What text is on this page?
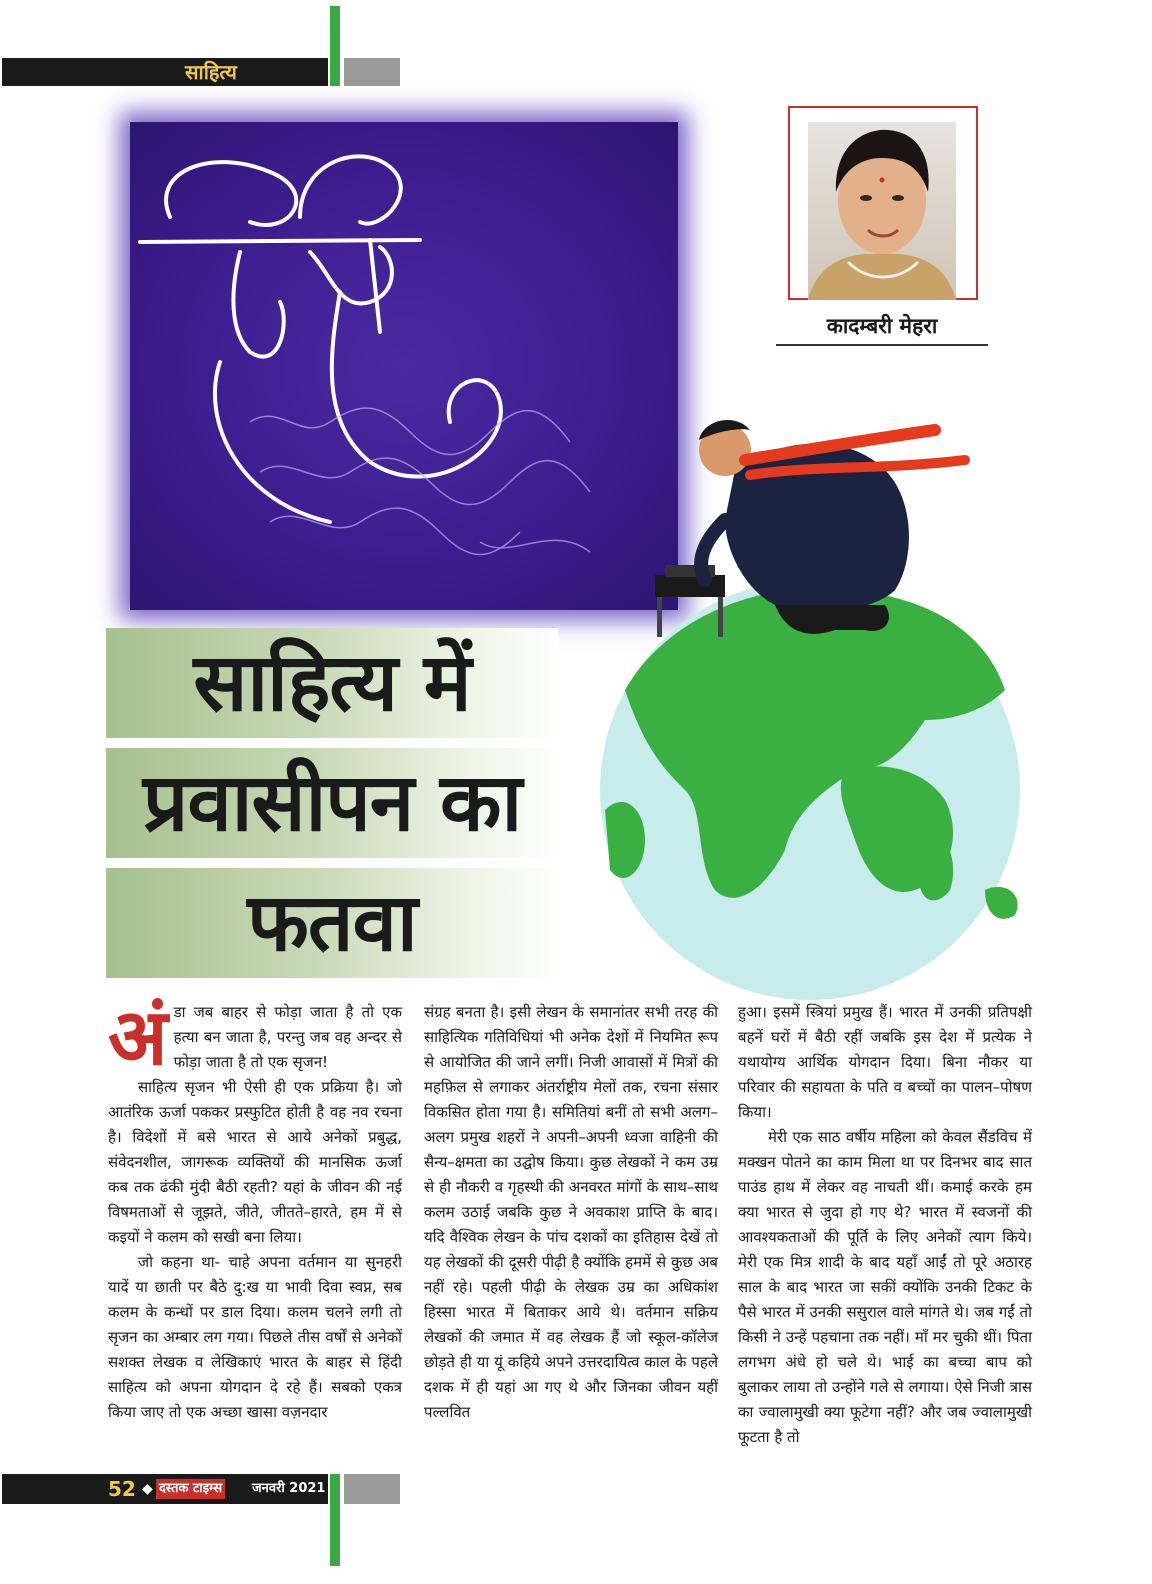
साहित्य
कादम्बरी मेहरा
साहित्य में
प्रवासीपन का
फतवा
अं डा जब बाहर से फोड़ा जाता है तो एक हत्या बन जाता है, परन्तु जब वह अन्दर से फोड़ा जाता है तो एक सृजन!

साहित्य सृजन भी ऐसी ही एक प्रक्रिया है। जो आतंरिक ऊर्जा पककर प्रस्फुटित होती है वह नव रचना है। विदेशों में बसे भारत से आये अनेकों प्रबुद्ध, संवेदनशील, जागरूक व्यक्तियों की मानसिक ऊर्जा कब तक ढंकी मुंदी बैठी रहती? यहां के जीवन की नई विषमताओं से जूझते, जीते, जीतते–हारते, हम में से कइयों ने कलम को सखी बना लिया।

जो कहना था- चाहे अपना वर्तमान या सुनहरी यादें या छाती पर बैठे दु:ख या भावी दिवा स्वप्न, सब कलम के कन्धों पर डाल दिया। कलम चलने लगी तो सृजन का अम्बार लग गया। पिछले तीस वर्षों से अनेकों सशक्त लेखक व लेखिकाएं भारत के बाहर से हिंदी साहित्य को अपना योगदान दे रहे हैं। सबको एकत्र किया जाए तो एक अच्छा खासा वज़नदार

संग्रह बनता है। इसी लेखन के समानांतर सभी तरह की साहित्यिक गतिविधियां भी अनेक देशों में नियमित रूप से आयोजित की जाने लगीं। निजी आवासों में मित्रों की महफ़िल से लगाकर अंतर्राष्ट्रीय मेलों तक, रचना संसार विकसित होता गया है। समितियां बनीं तो सभी अलग–अलग प्रमुख शहरों ने अपनी–अपनी ध्वजा वाहिनी की सैन्य–क्षमता का उद्घोष किया। कुछ लेखकों ने कम उम्र से ही नौकरी व गृहस्थी की अनवरत मांगों के साथ–साथ कलम उठाई जबकि कुछ ने अवकाश प्राप्ति के बाद। यदि वैश्विक लेखन के पांच दशकों का इतिहास देखें तो यह लेखकों की दूसरी पीढ़ी है क्योंकि हममें से कुछ अब नहीं रहे। पहली पीढ़ी के लेखक उम्र का अधिकांश हिस्सा भारत में बिताकर आये थे। वर्तमान सक्रिय लेखकों की जमात में वह लेखक हैं जो स्कूल-कॉलेज छोड़ते ही या यूं कहिये अपने उत्तरदायित्व काल के पहले दशक में ही यहां आ गए थे और जिनका जीवन यहीं पल्लवित

हुआ। इसमें स्त्रियां प्रमुख हैं। भारत में उनकी प्रतिपक्षी बहनें घरों में बैठी रहीं जबकि इस देश में प्रत्येक ने यथायोग्य आर्थिक योगदान दिया। बिना नौकर या परिवार की सहायता के पति व बच्चों का पालन–पोषण किया।

मेरी एक साठ वर्षीय महिला को केवल सैंडविच में मक्खन पोतने का काम मिला था पर दिनभर बाद सात पाउंड हाथ में लेकर वह नाचती थीं। कमाई करके हम क्या भारत से जुदा हो गए थे? भारत में स्वजनों की आवश्यकताओं की पूर्ति के लिए अनेकों त्याग किये। मेरी एक मित्र शादी के बाद यहाँ आईं तो पूरे अठारह साल के बाद भारत जा सकीं क्योंकि उनकी टिकट के पैसे भारत में उनकी ससुराल वाले मांगते थे। जब गईं तो किसी ने उन्हें पहचाना तक नहीं। माँ मर चुकी थीं। पिता लगभग अंधे हो चले थे। भाई का बच्चा बाप को बुलाकर लाया तो उन्होंने गले से लगाया। ऐसे निजी त्रास का ज्वालामुखी क्या फूटेगा नहीं? और जब ज्वालामुखी फूटता है तो

52 ◆ दस्तक टाइम्स जनवरी 2021
